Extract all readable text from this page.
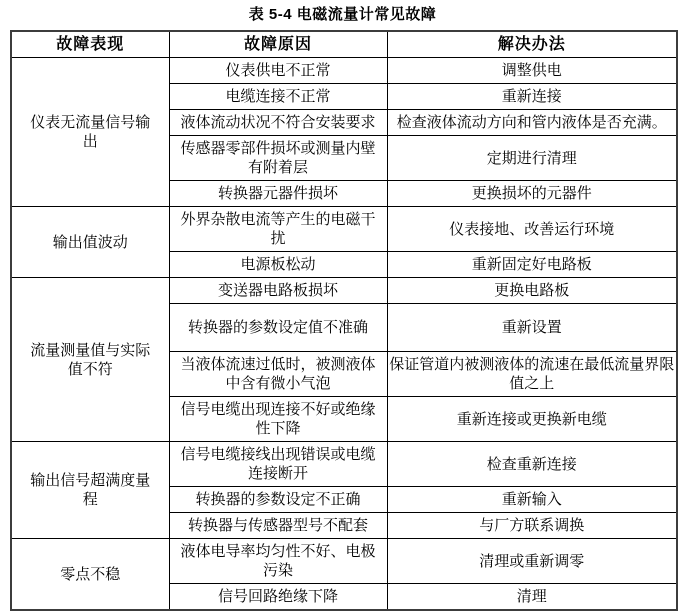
表 5-4 电磁流量计常见故障
故障表现	故障原因	解决办法
仪表无流量信号输出	仪表供电不正常	调整供电
	电缆连接不正常	重新连接
	液体流动状况不符合安装要求	检查液体流动方向和管内液体是否充满。
	传感器零部件损坏或测量内壁有附着层	定期进行清理
	转换器元器件损坏	更换损坏的元器件
输出值波动	外界杂散电流等产生的电磁干扰	仪表接地、改善运行环境
	电源板松动	重新固定好电路板
流量测量值与实际值不符	变送器电路板损坏	更换电路板
	转换器的参数设定值不准确	重新设置
	当液体流速过低时，被测液体中含有微小气泡	保证管道内被测液体的流速在最低流量界限值之上
	信号电缆出现连接不好或绝缘性下降	重新连接或更换新电缆
输出信号超满度量程	信号电缆接线出现错误或电缆连接断开	检查重新连接
	转换器的参数设定不正确	重新输入
	转换器与传感器型号不配套	与厂方联系调换
零点不稳	液体电导率均匀性不好、电极污染	清理或重新调零
	信号回路绝缘下降	清理
